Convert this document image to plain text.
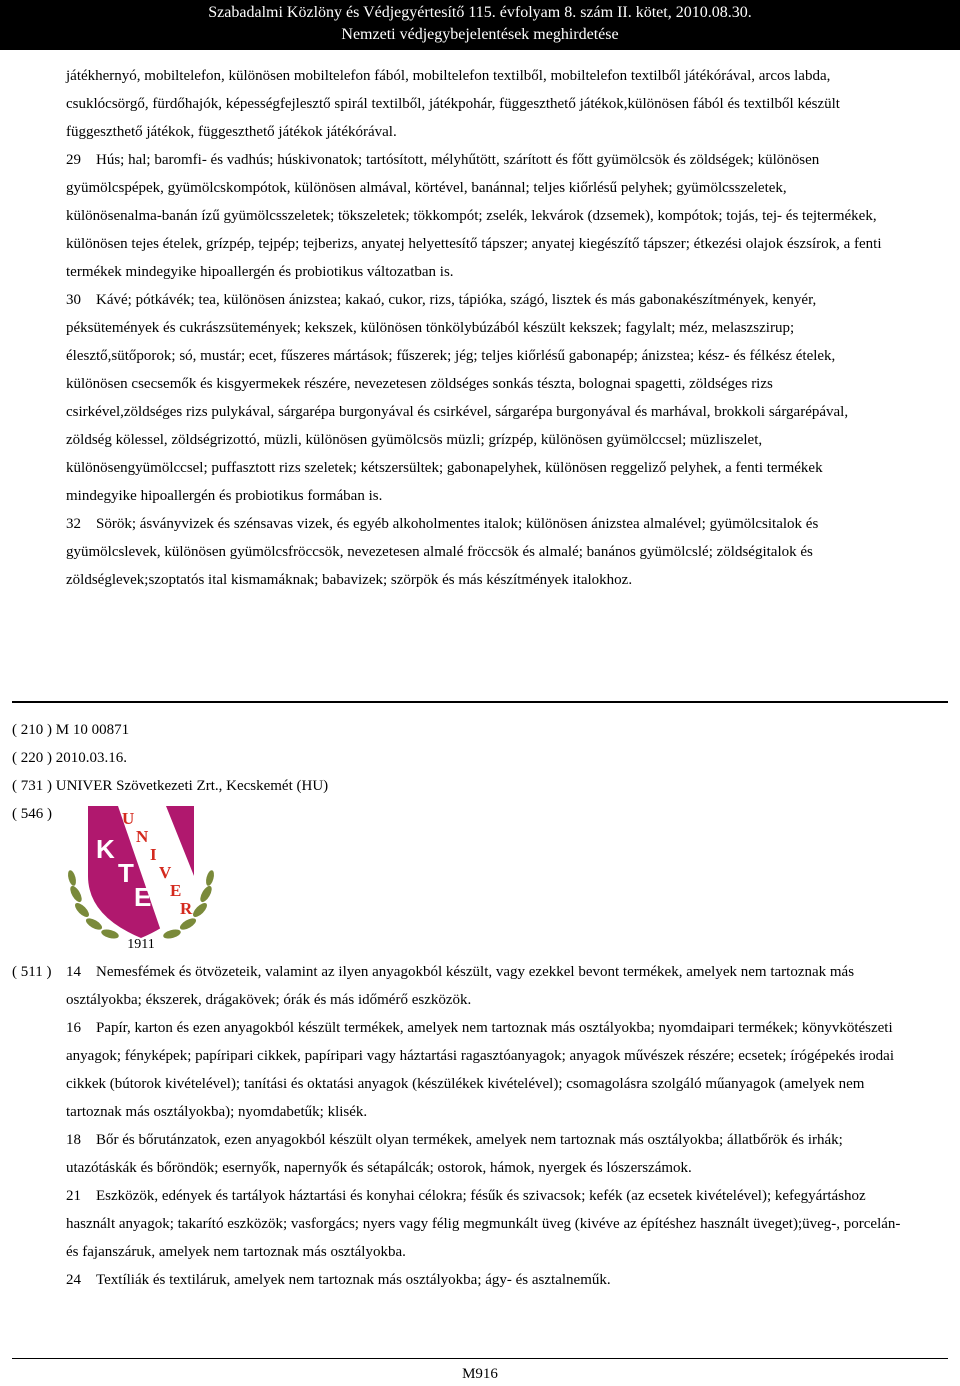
Szabadalmi Közlöny és Védjegyértesítő 115. évfolyam 8. szám II. kötet, 2010.08.30.
Nemzeti védjegybejelentések meghirdetése

játékhernyó, mobiltelefon, különösen mobiltelefon fából, mobiltelefon textilből, mobiltelefon textilből játékórával, arcos labda, csuklócsörgő, fürdőhajók, képességfejlesztő spirál textilből, játékpohár, függeszthető játékok,különösen fából és textilből készült függeszthető játékok, függeszthető játékok játékórával.

29 Hús; hal; baromfi- és vadhús; húskivonatok; tartósított, mélyhűtött, szárított és főtt gyümölcsök és zöldségek; különösen gyümölcspépek, gyümölcskompótok, különösen almával, körtével, banánnal; teljes kiőrlésű pelyhek; gyümölcsszeletek, különösenalma-banán ízű gyümölcsszeletek; tökszeletek; tökkompót; zselék, lekvárok (dzsemek), kompótok; tojás, tej- és tejtermékek, különösen tejes ételek, grízpép, tejpép; tejberizs, anyatej helyettesítő tápszer; anyatej kiegészítő tápszer; étkezési olajok észsírok, a fenti termékek mindegyike hipoallergén és probiotikus változatban is.

30 Kávé; pótkávék; tea, különösen ánizstea; kakaó, cukor, rizs, tápióka, szágó, lisztek és más gabonakészítmények, kenyér, péksütemények és cukrászsütemények; kekszek, különösen tönkölybúzából készült kekszek; fagylalt; méz, melaszszirup; élesztő,sütőporok; só, mustár; ecet, fűszeres mártások; fűszerek; jég; teljes kiőrlésű gabonapép; ánizstea; kész- és félkész ételek, különösen csecsemők és kisgyermekek részére, nevezetesen zöldséges sonkás tészta, bolognai spagetti, zöldséges rizs csirkével,zöldséges rizs pulykával, sárgarépa burgonyával és csirkével, sárgarépa burgonyával és marhával, brokkoli sárgarépával, zöldség kölessel, zöldségrizottó, müzli, különösen gyümölcsös müzli; grízpép, különösen gyümölccsel; müzliszelet, különösengyümölccsel; puffasztott rizs szeletek; kétszersültek; gabonapelyhek, különösen reggeliző pelyhek, a fenti termékek mindegyike hipoallergén és probiotikus formában is.

32 Sörök; ásványvizek és szénsavas vizek, és egyéb alkoholmentes italok; különösen ánizstea almalével; gyümölcsitalok és gyümölcslevek, különösen gyümölcsfröccsök, nevezetesen almalé fröccsök és almalé; banános gyümölcslé; zöldségitalok és zöldséglevek;szoptatós ital kismamáknak; babavizek; szörpök és más készítmények italokhoz.

( 210 ) M 10 00871
( 220 ) 2010.03.16.
( 731 ) UNIVER Szövetkezeti Zrt., Kecskemét (HU)
( 546 )	U
N
I
V
E
R
K
T
E
1911
( 511 ) 14 Nemesfémek és ötvözeteik, valamint az ilyen anyagokból készült, vagy ezekkel bevont termékek, amelyek nem tartoznak más osztályokba; ékszerek, drágakövek; órák és más időmérő eszközök.

16 Papír, karton és ezen anyagokból készült termékek, amelyek nem tartoznak más osztályokba; nyomdaipari termékek; könyvkötészeti anyagok; fényképek; papíripari cikkek, papíripari vagy háztartási ragasztóanyagok; anyagok művészek részére; ecsetek; írógépekés irodai cikkek (bútorok kivételével); tanítási és oktatási anyagok (készülékek kivételével); csomagolásra szolgáló műanyagok (amelyek nem tartoznak más osztályokba); nyomdabetűk; klisék.

18 Bőr és bőrutánzatok, ezen anyagokból készült olyan termékek, amelyek nem tartoznak más osztályokba; állatbőrök és irhák; utazótáskák és bőröndök; esernyők, napernyők és sétapálcák; ostorok, hámok, nyergek és lószerszámok.

21 Eszközök, edények és tartályok háztartási és konyhai célokra; fésűk és szivacsok; kefék (az ecsetek kivételével); kefegyártáshoz használt anyagok; takarító eszközök; vasforgács; nyers vagy félig megmunkált üveg (kivéve az építéshez használt üveget);üveg-, porcelán- és fajanszáruk, amelyek nem tartoznak más osztályokba.

24 Textíliák és textiláruk, amelyek nem tartoznak más osztályokba; ágy- és asztalneműk.

M916
